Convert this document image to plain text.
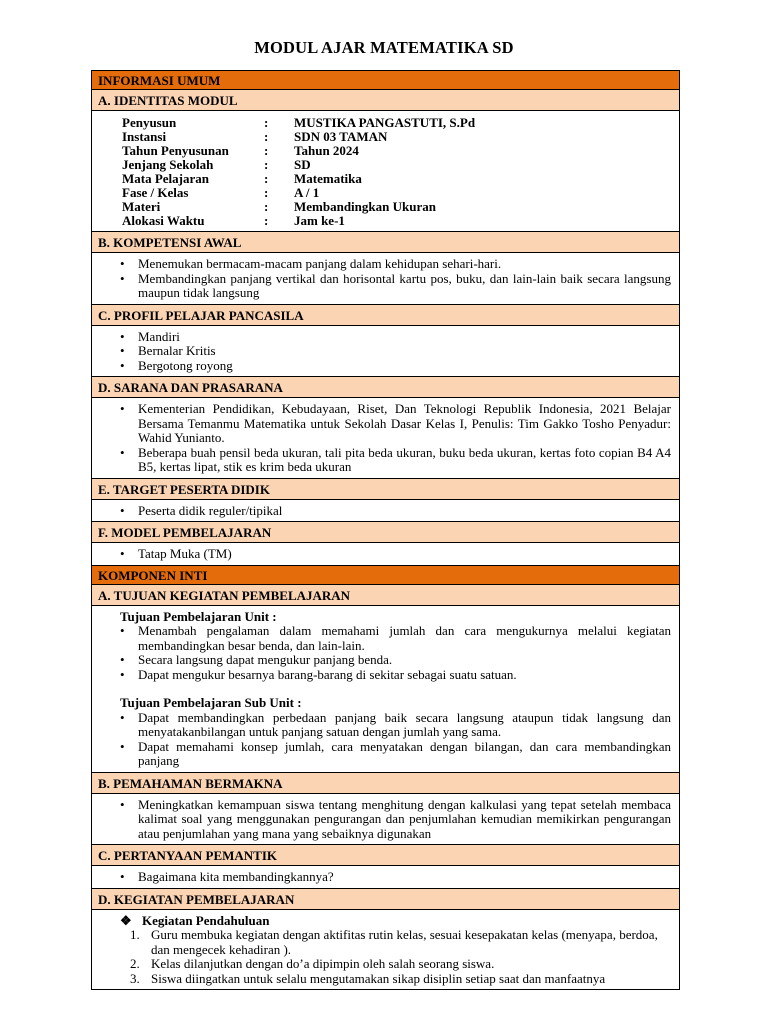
MODUL AJAR MATEMATIKA SD
INFORMASI UMUM
A. IDENTITAS MODUL
Penyusun	:	MUSTIKA PANGASTUTI, S.Pd
Instansi	:	SDN 03 TAMAN
Tahun Penyusunan	:	Tahun 2024
Jenjang Sekolah	:	SD
Mata Pelajaran	:	Matematika
Fase / Kelas	:	A / 1
Materi	:	Membandingkan Ukuran
Alokasi Waktu	:	Jam ke-1
B. KOMPETENSI AWAL
• Menemukan bermacam-macam panjang dalam kehidupan sehari-hari.
• Membandingkan panjang vertikal dan horisontal kartu pos, buku, dan lain-lain baik secara langsung maupun tidak langsung
C. PROFIL PELAJAR PANCASILA
• Mandiri
• Bernalar Kritis
• Bergotong royong
D. SARANA DAN PRASARANA
• Kementerian Pendidikan, Kebudayaan, Riset, Dan Teknologi Republik Indonesia, 2021 Belajar Bersama Temanmu Matematika untuk Sekolah Dasar Kelas I, Penulis: Tim Gakko Tosho Penyadur: Wahid Yunianto.
• Beberapa buah pensil beda ukuran, tali pita beda ukuran, buku beda ukuran, kertas foto copian B4 A4 B5, kertas lipat, stik es krim beda ukuran
E. TARGET PESERTA DIDIK
• Peserta didik reguler/tipikal
F. MODEL PEMBELAJARAN
• Tatap Muka (TM)
KOMPONEN INTI
A. TUJUAN KEGIATAN PEMBELAJARAN
Tujuan Pembelajaran Unit :
• Menambah pengalaman dalam memahami jumlah dan cara mengukurnya melalui kegiatan membandingkan besar benda, dan lain-lain.
• Secara langsung dapat mengukur panjang benda.
• Dapat mengukur besarnya barang-barang di sekitar sebagai suatu satuan.
Tujuan Pembelajaran Sub Unit :
• Dapat membandingkan perbedaan panjang baik secara langsung ataupun tidak langsung dan menyatakanbilangan untuk panjang satuan dengan jumlah yang sama.
• Dapat memahami konsep jumlah, cara menyatakan dengan bilangan, dan cara membandingkan panjang
B. PEMAHAMAN BERMAKNA
• Meningkatkan kemampuan siswa tentang menghitung dengan kalkulasi yang tepat setelah membaca kalimat soal yang menggunakan pengurangan dan penjumlahan kemudian memikirkan pengurangan atau penjumlahan yang mana yang sebaiknya digunakan
C. PERTANYAAN PEMANTIK
• Bagaimana kita membandingkannya?
D. KEGIATAN PEMBELAJARAN
❖ Kegiatan Pendahuluan
1. Guru membuka kegiatan dengan aktifitas rutin kelas, sesuai kesepakatan kelas (menyapa, berdoa, dan mengecek kehadiran ).
2. Kelas dilanjutkan dengan do’a dipimpin oleh salah seorang siswa.
3. Siswa diingatkan untuk selalu mengutamakan sikap disiplin setiap saat dan manfaatnya
